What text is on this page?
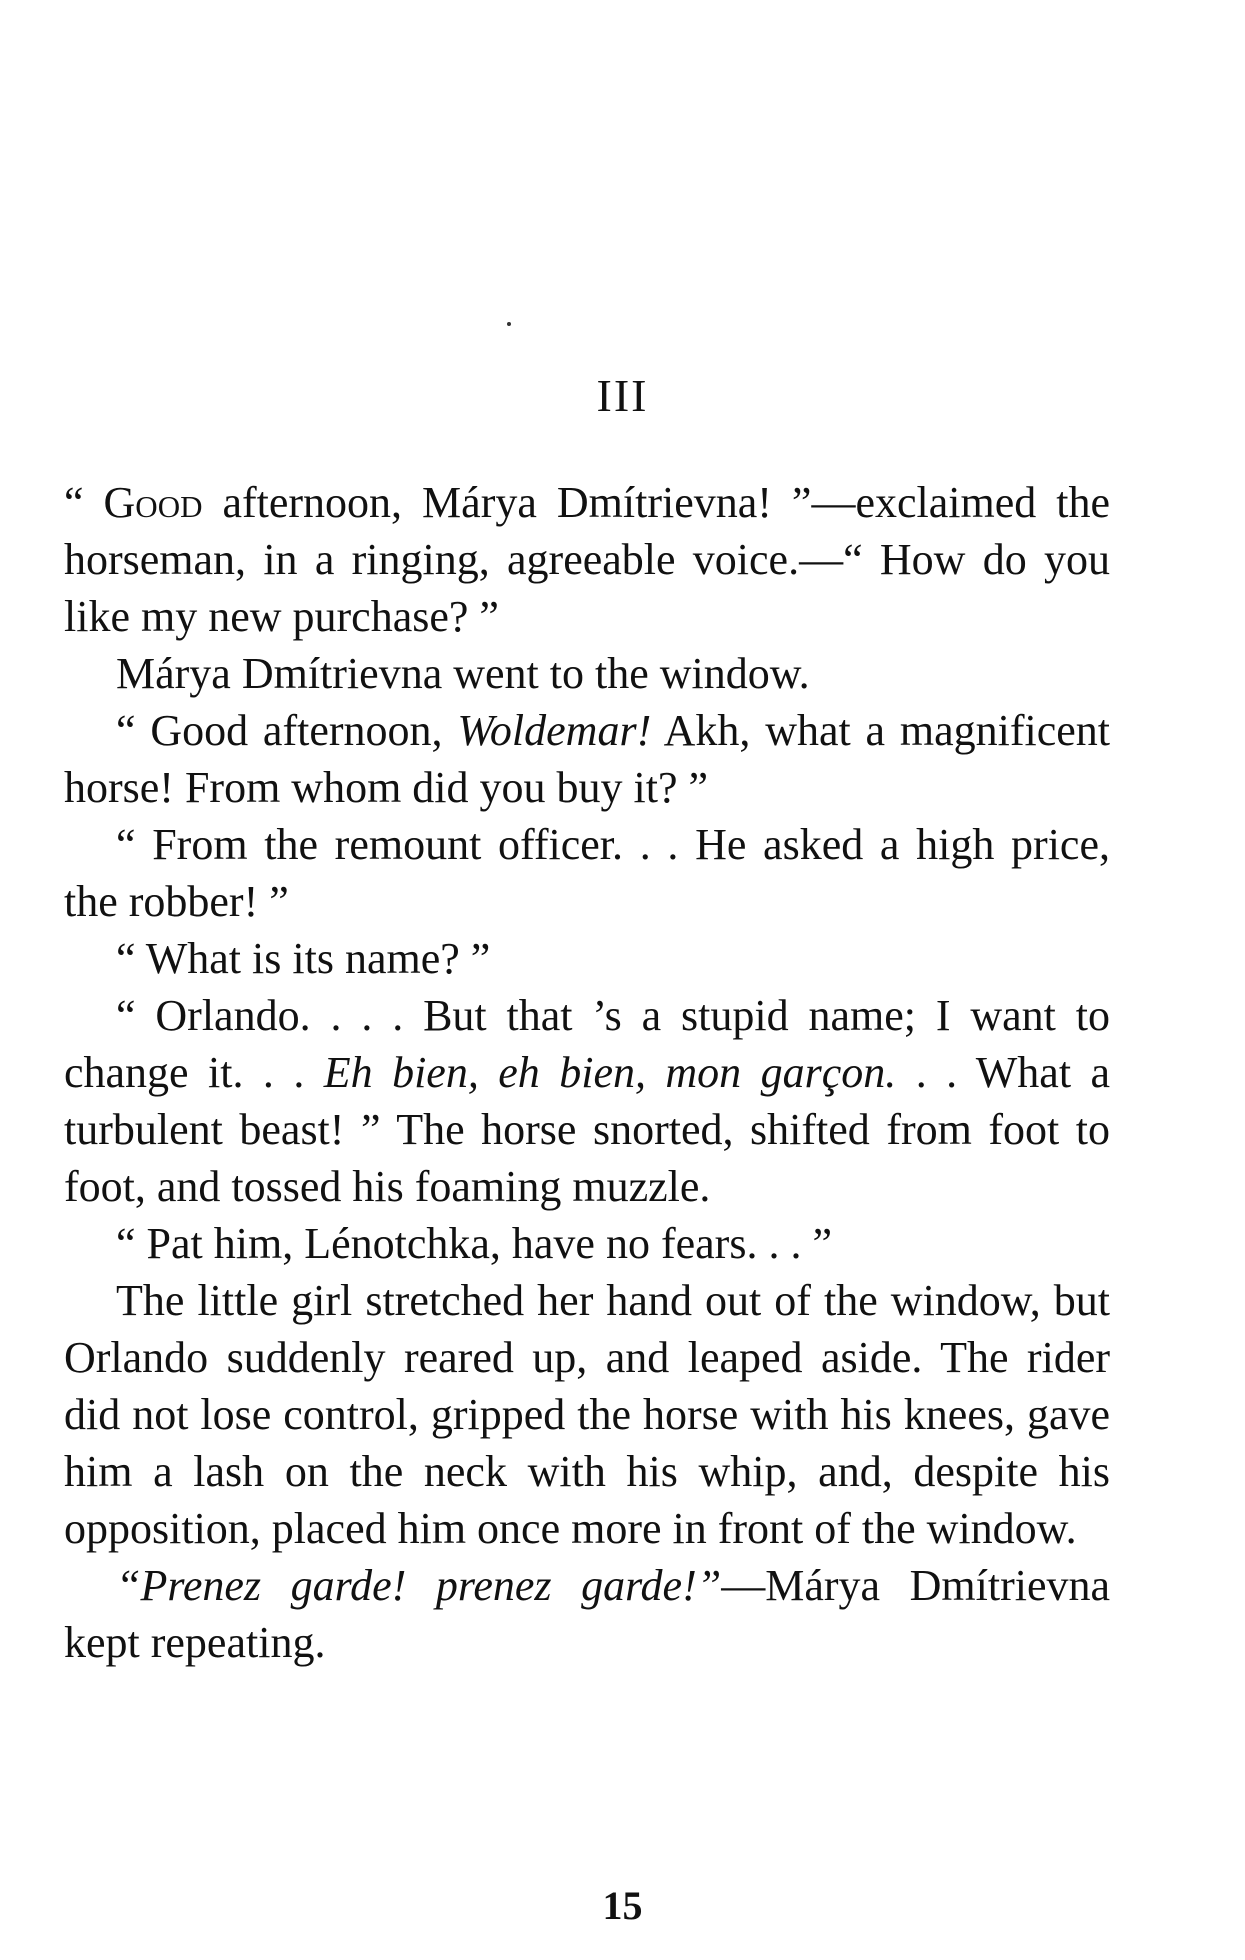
III

“ Good afternoon, Márya Dmítrievna! ”—exclaimed the horseman, in a ringing, agreeable voice.—“ How do you like my new purchase? ”

Márya Dmítrievna went to the window.

“ Good afternoon, Woldemar! Akh, what a magnificent horse! From whom did you buy it? ”

“ From the remount officer. . . He asked a high price, the robber! ”

“ What is its name? ”

“ Orlando. . . . But that ’s a stupid name; I want to change it. . . Eh bien, eh bien, mon garçon. . . What a turbulent beast! ” The horse snorted, shifted from foot to foot, and tossed his foaming muzzle.

“ Pat him, Lénotchka, have no fears. . . ”

The little girl stretched her hand out of the window, but Orlando suddenly reared up, and leaped aside. The rider did not lose control, gripped the horse with his knees, gave him a lash on the neck with his whip, and, despite his opposition, placed him once more in front of the window.

“Prenez garde! prenez garde!”—Márya Dmítrievna kept repeating.

15
